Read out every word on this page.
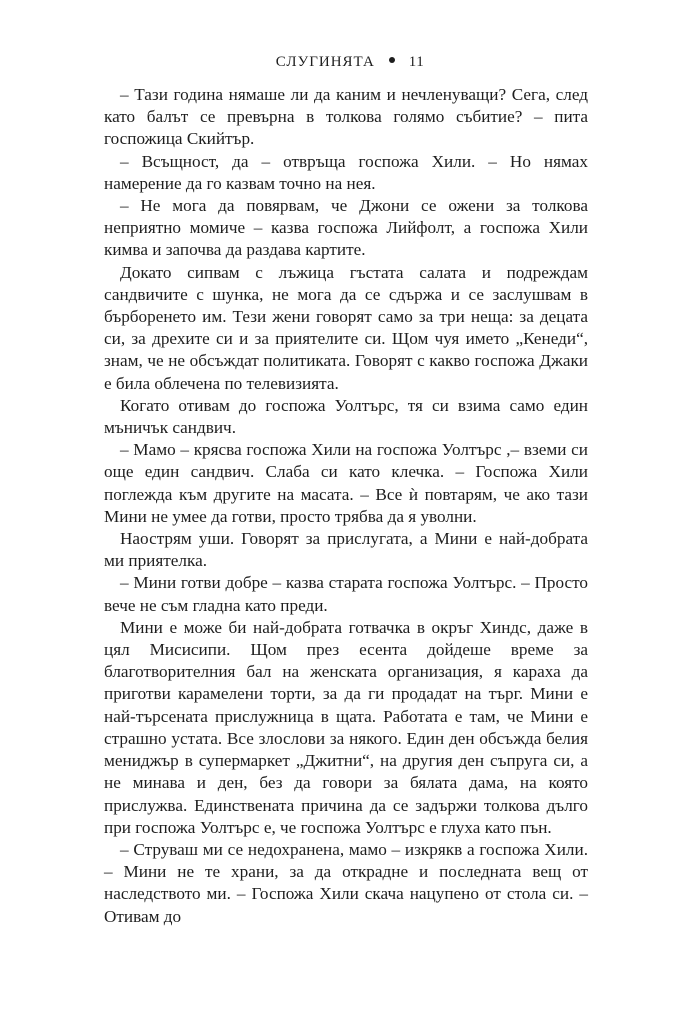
СЛУГИНЯТА 11

– Тази година нямаше ли да каним и нечленуващи? Сега, след като балът се превърна в толкова голямо събитие? – пита госпожица Скийтър.

– Всъщност, да – отвръща госпожа Хили. – Но нямах намерение да го казвам точно на нея.

– Не мога да повярвам, че Джони се ожени за толкова неприятно момиче – казва госпожа Лийфолт, а госпожа Хили кимва и започва да раздава картите.

Докато сипвам с лъжица гъстата салата и подреждам сандвичите с шунка, не мога да се сдържа и се заслушвам в бърборенето им. Тези жени говорят само за три неща: за децата си, за дрехите си и за приятелите си. Щом чуя името „Кенеди“, знам, че не обсъждат политиката. Говорят с какво госпожа Джаки е била облечена по телевизията.

Когато отивам до госпожа Уолтърс, тя си взима само един мъничък сандвич.

– Мамо – крясва госпожа Хили на госпожа Уолтърс ,– вземи си още един сандвич. Слаба си като клечка. – Госпожа Хили поглежда към другите на масата. – Все ѝ повтарям, че ако тази Мини не умее да готви, просто трябва да я уволни.

Наострям уши. Говорят за прислугата, а Мини е най-добрата ми приятелка.

– Мини готви добре – казва старата госпожа Уолтърс. – Просто вече не съм гладна като преди.

Мини е може би най-добрата готвачка в окръг Хиндс, даже в цял Мисисипи. Щом през есента дойдеше време за благотворителния бал на женската организация, я караха да приготви карамелени торти, за да ги продадат на търг. Мини е най-търсената прислужница в щата. Работата е там, че Мини е страшно устата. Все злослови за някого. Един ден обсъжда белия мениджър в супермаркет „Джитни“, на другия ден съпруга си, а не минава и ден, без да говори за бялата дама, на която прислужва. Единствената причина да се задържи толкова дълго при госпожа Уолтърс е, че госпожа Уолтърс е глуха като пън.

– Струваш ми се недохранена, мамо – изкрякв а госпожа Хили. – Мини не те храни, за да открадне и последната вещ от наследството ми. – Госпожа Хили скача нацупено от стола си. – Отивам до
